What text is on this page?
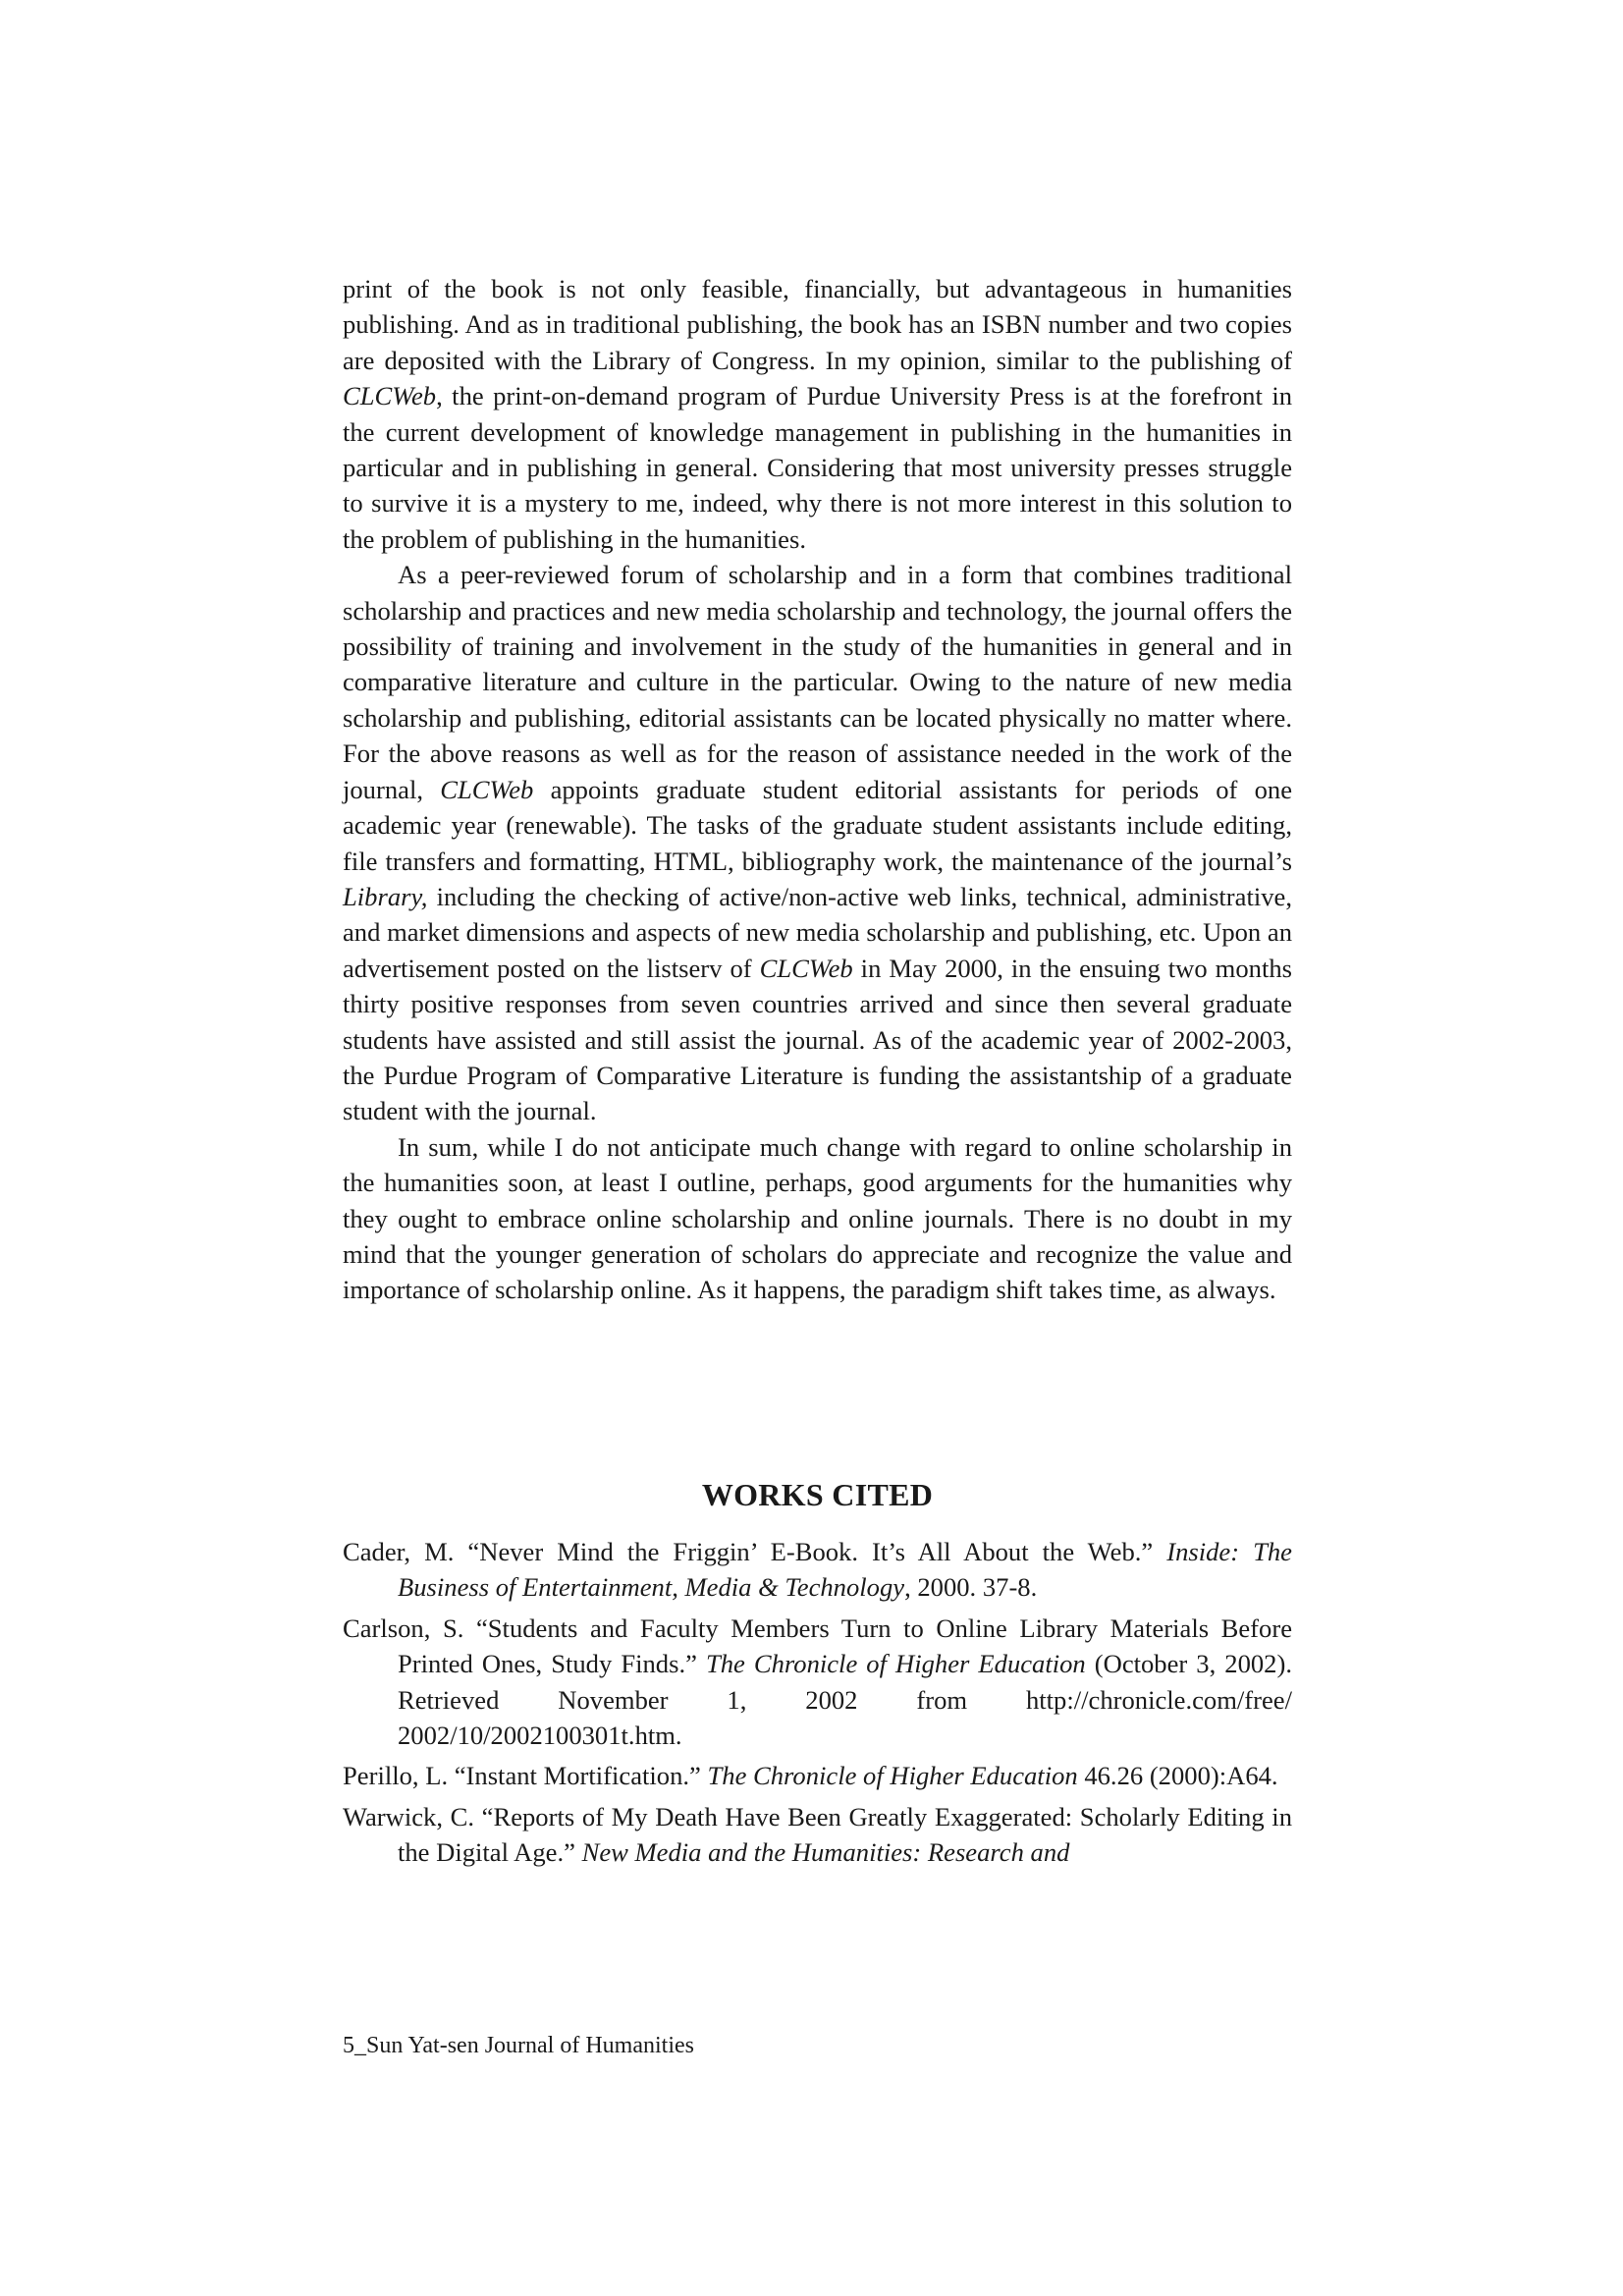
print of the book is not only feasible, financially, but advantageous in humanities publishing. And as in traditional publishing, the book has an ISBN number and two copies are deposited with the Library of Congress. In my opinion, similar to the publishing of CLCWeb, the print-on-demand program of Purdue University Press is at the forefront in the current development of knowledge management in publishing in the humanities in particular and in publishing in general. Considering that most university presses struggle to survive it is a mystery to me, indeed, why there is not more interest in this solution to the problem of publishing in the humanities.

As a peer-reviewed forum of scholarship and in a form that combines traditional scholarship and practices and new media scholarship and technology, the journal offers the possibility of training and involvement in the study of the humanities in general and in comparative literature and culture in the particular. Owing to the nature of new media scholarship and publishing, editorial assistants can be located physically no matter where. For the above reasons as well as for the reason of assistance needed in the work of the journal, CLCWeb appoints graduate student editorial assistants for periods of one academic year (renewable). The tasks of the graduate student assistants include editing, file transfers and formatting, HTML, bibliography work, the maintenance of the journal’s Library, including the checking of active/non-active web links, technical, administrative, and market dimensions and aspects of new media scholarship and publishing, etc. Upon an advertisement posted on the listserv of CLCWeb in May 2000, in the ensuing two months thirty positive responses from seven countries arrived and since then several graduate students have assisted and still assist the journal. As of the academic year of 2002-2003, the Purdue Program of Comparative Literature is funding the assistantship of a graduate student with the journal.

In sum, while I do not anticipate much change with regard to online scholarship in the humanities soon, at least I outline, perhaps, good arguments for the humanities why they ought to embrace online scholarship and online journals. There is no doubt in my mind that the younger generation of scholars do appreciate and recognize the value and importance of scholarship online. As it happens, the paradigm shift takes time, as always.

WORKS CITED

Cader, M. “Never Mind the Friggin’ E-Book. It’s All About the Web.” Inside: The Business of Entertainment, Media & Technology, 2000. 37-8.

Carlson, S. “Students and Faculty Members Turn to Online Library Materials Before Printed Ones, Study Finds.” The Chronicle of Higher Education (October 3, 2002). Retrieved November 1, 2002 from http://chronicle.com/free/ 2002/10/2002100301t.htm.

Perillo, L. “Instant Mortification.” The Chronicle of Higher Education 46.26 (2000):A64.

Warwick, C. “Reports of My Death Have Been Greatly Exaggerated: Scholarly Editing in the Digital Age.” New Media and the Humanities: Research and

5_Sun Yat-sen Journal of Humanities
